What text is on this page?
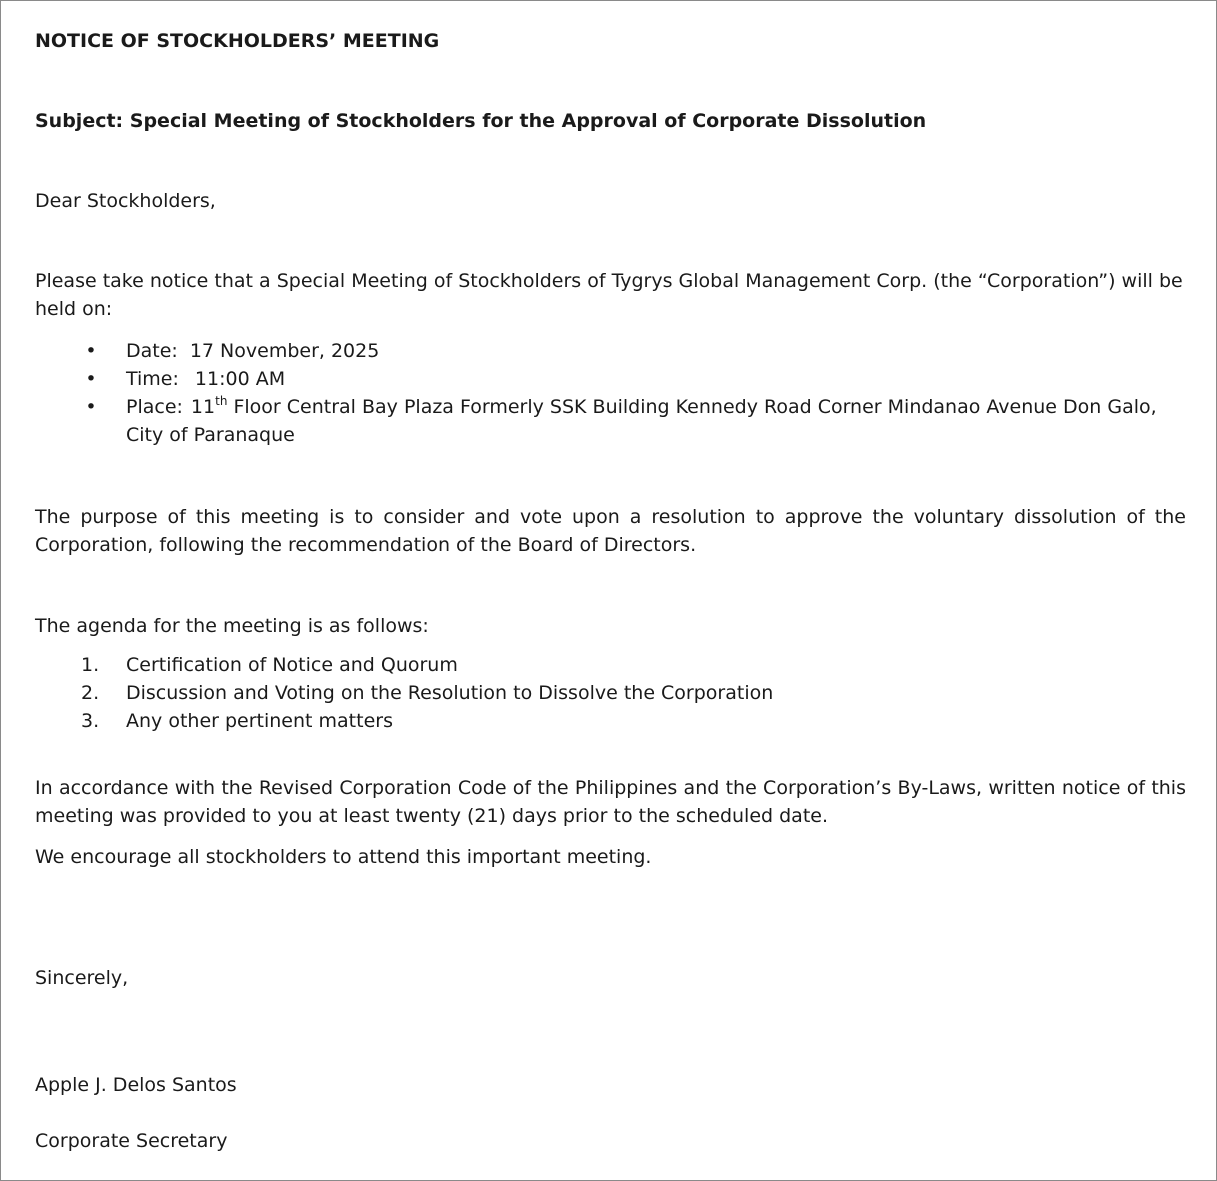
NOTICE OF STOCKHOLDERS’ MEETING

Subject: Special Meeting of Stockholders for the Approval of Corporate Dissolution

Dear Stockholders,

Please take notice that a Special Meeting of Stockholders of Tygrys Global Management Corp. (the “Corporation”) will be held on:

• Date: 17 November, 2025
• Time: 11:00 AM
• Place: 11th Floor Central Bay Plaza Formerly SSK Building Kennedy Road Corner Mindanao Avenue Don Galo, City of Paranaque

The purpose of this meeting is to consider and vote upon a resolution to approve the voluntary dissolution of the Corporation, following the recommendation of the Board of Directors.

The agenda for the meeting is as follows:

1.	Certification of Notice and Quorum
2.	Discussion and Voting on the Resolution to Dissolve the Corporation
3.	Any other pertinent matters

In accordance with the Revised Corporation Code of the Philippines and the Corporation’s By-Laws, written notice of this meeting was provided to you at least twenty (21) days prior to the scheduled date.

We encourage all stockholders to attend this important meeting.

Sincerely,

Apple J. Delos Santos

Corporate Secretary
